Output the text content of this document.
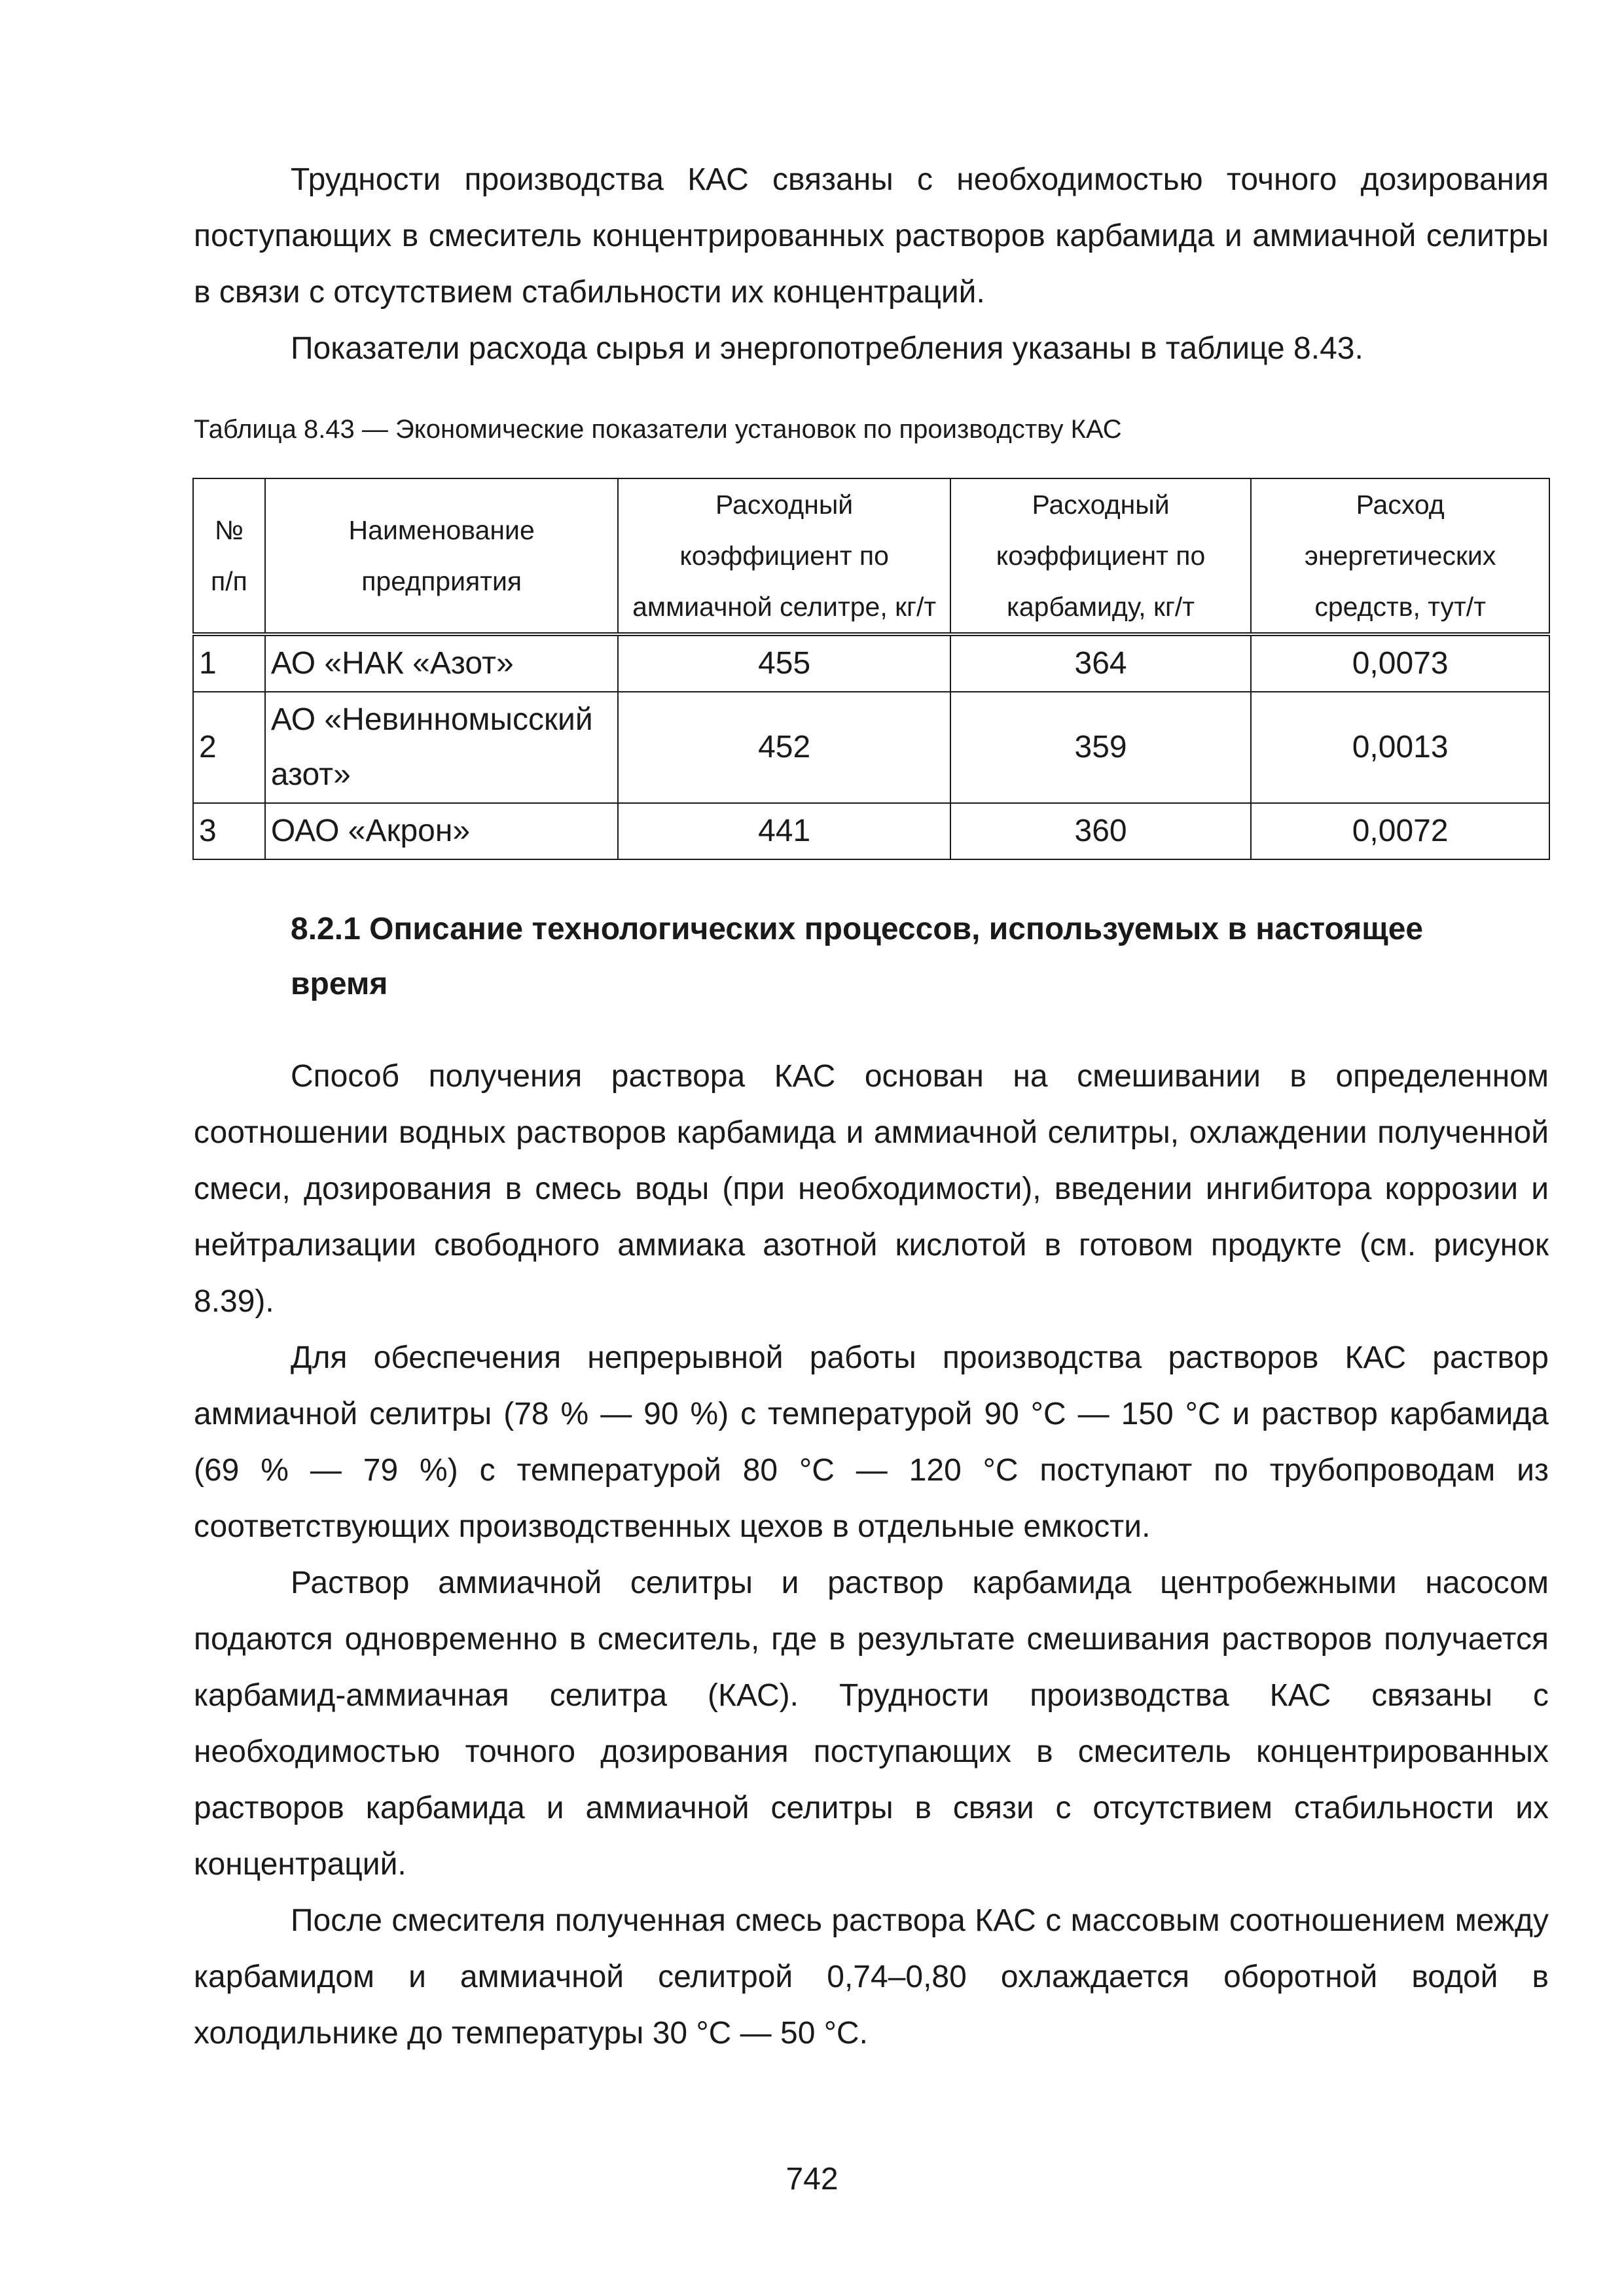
Трудности производства КАС связаны с необходимостью точного дозирования поступающих в смеситель концентрированных растворов карбамида и аммиачной селитры в связи с отсутствием стабильности их концентраций.

Показатели расхода сырья и энергопотребления указаны в таблице 8.43.

Таблица 8.43 — Экономические показатели установок по производству КАС

№
п/п	Наименование предприятия	Расходный коэффициент по аммиачной селитре, кг/т	Расходный коэффициент по карбамиду, кг/т	Расход энергетических средств, тут/т
1	АО «НАК «Азот»	455	364	0,0073
2	АО «Невинномысский азот»	452	359	0,0013
3	ОАО «Акрон»	441	360	0,0072
8.2.1 Описание технологических процессов, используемых в настоящее время

Способ получения раствора КАС основан на смешивании в определенном соотношении водных растворов карбамида и аммиачной селитры, охлаждении полученной смеси, дозирования в смесь воды (при необходимости), введении ингибитора коррозии и нейтрализации свободного аммиака азотной кислотой в готовом продукте (см. рисунок 8.39).

Для обеспечения непрерывной работы производства растворов КАС раствор аммиачной селитры (78 % — 90 %) с температурой 90 °С — 150 °С и раствор карбамида (69 % — 79 %) с температурой 80 °С — 120 °С поступают по трубопроводам из соответствующих производственных цехов в отдельные емкости.

Раствор аммиачной селитры и раствор карбамида центробежными насосом подаются одновременно в смеситель, где в результате смешивания растворов получается карбамид-аммиачная селитра (КАС). Трудности производства КАС связаны с необходимостью точного дозирования поступающих в смеситель концентрированных растворов карбамида и аммиачной селитры в связи с отсутствием стабильности их концентраций.

После смесителя полученная смесь раствора КАС с массовым соотношением между карбамидом и аммиачной селитрой 0,74–0,80 охлаждается оборотной водой в холодильнике до температуры 30 °С — 50 °С.

742
